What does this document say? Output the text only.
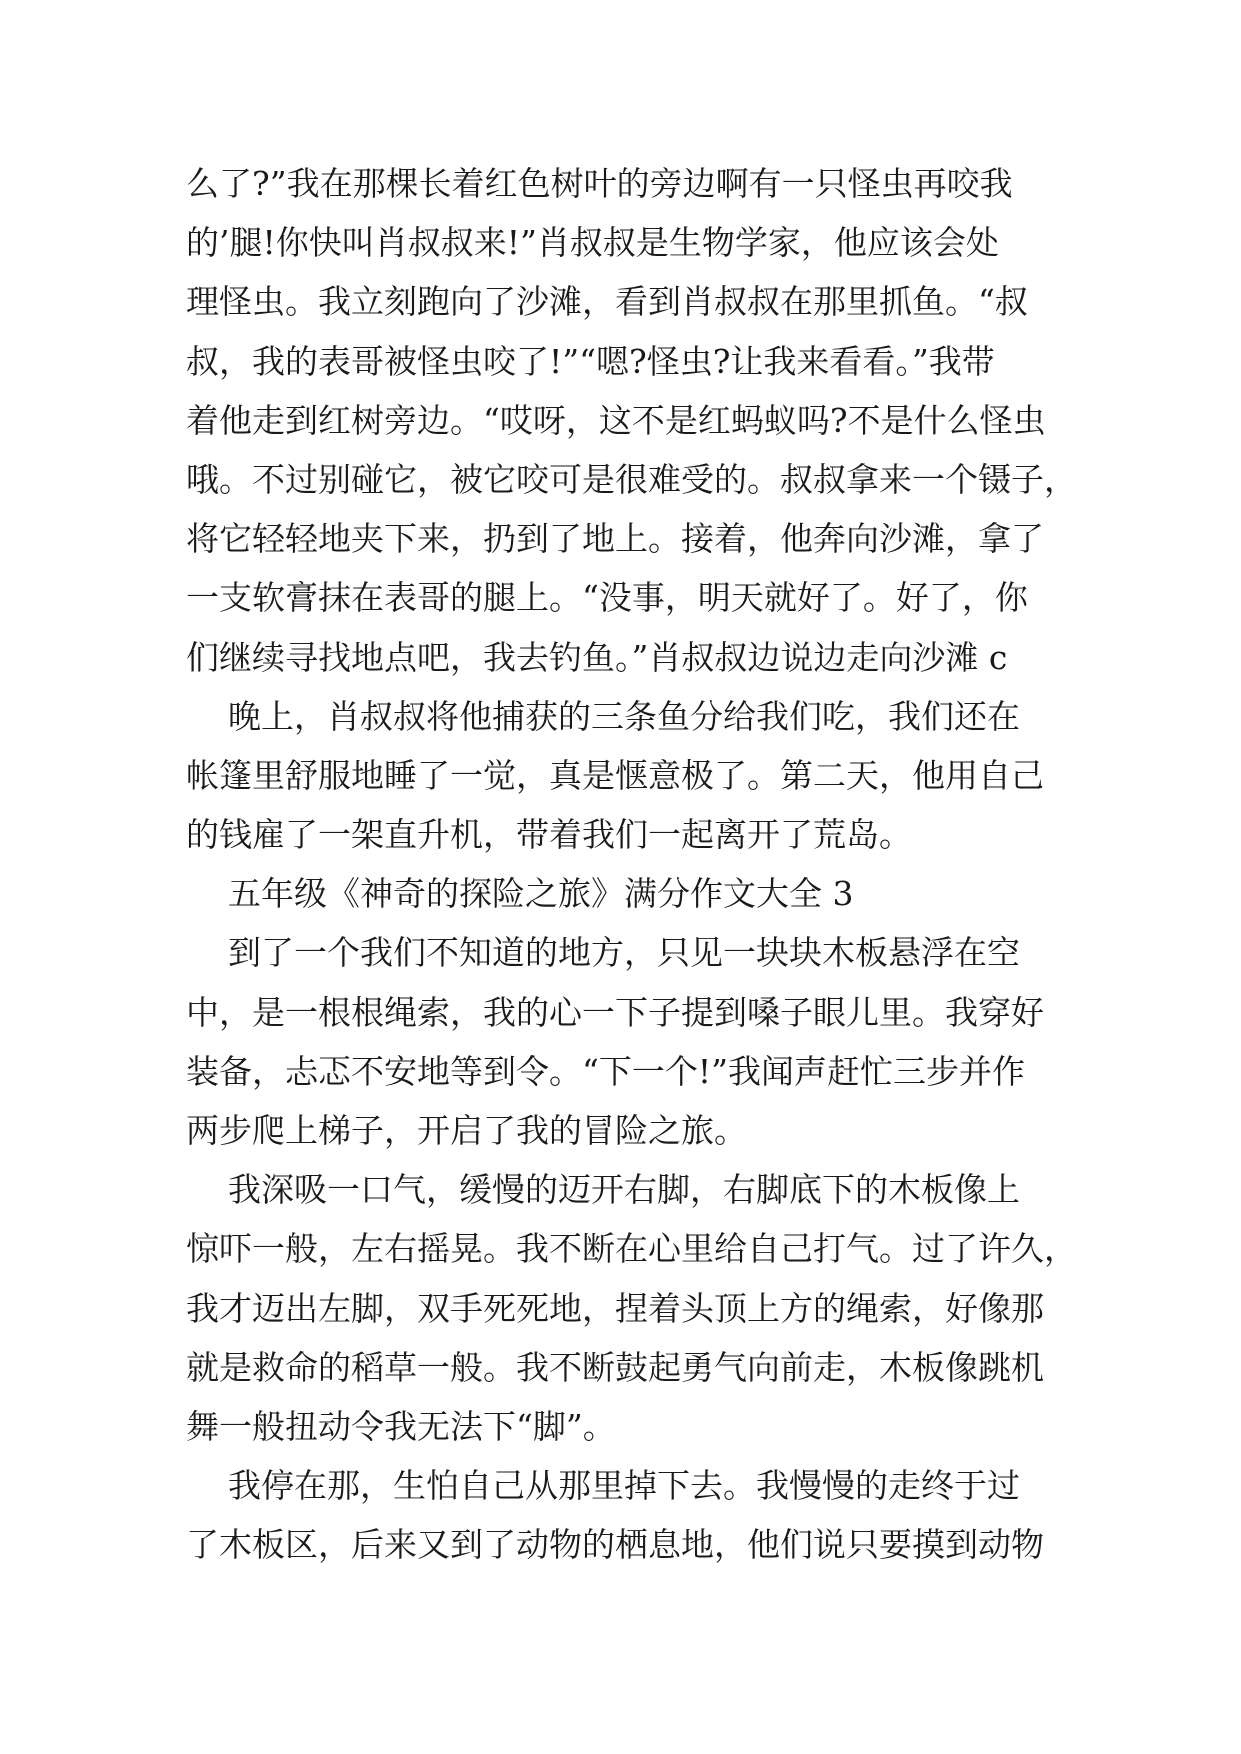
么了?”我在那棵长着红色树叶的旁边啊有一只怪虫再咬我
的’腿!你快叫肖叔叔来!”肖叔叔是生物学家，他应该会处
理怪虫。我立刻跑向了沙滩，看到肖叔叔在那里抓鱼。“叔
叔，我的表哥被怪虫咬了!”“嗯?怪虫?让我来看看。”我带
着他走到红树旁边。“哎呀，这不是红蚂蚁吗?不是什么怪虫
哦。不过别碰它，被它咬可是很难受的。叔叔拿来一个镊子，
将它轻轻地夹下来，扔到了地上。接着，他奔向沙滩，拿了
一支软膏抹在表哥的腿上。“没事，明天就好了。好了，你
们继续寻找地点吧，我去钓鱼。”肖叔叔边说边走向沙滩 c
晚上，肖叔叔将他捕获的三条鱼分给我们吃，我们还在
帐篷里舒服地睡了一觉，真是惬意极了。第二天，他用自己
的钱雇了一架直升机，带着我们一起离开了荒岛。
五年级《神奇的探险之旅》满分作文大全 3
到了一个我们不知道的地方，只见一块块木板悬浮在空
中，是一根根绳索，我的心一下子提到嗓子眼儿里。我穿好
装备，忐忑不安地等到令。“下一个!”我闻声赶忙三步并作
两步爬上梯子，开启了我的冒险之旅。
我深吸一口气，缓慢的迈开右脚，右脚底下的木板像上
惊吓一般，左右摇晃。我不断在心里给自己打气。过了许久，
我才迈出左脚，双手死死地，捏着头顶上方的绳索，好像那
就是救命的稻草一般。我不断鼓起勇气向前走，木板像跳机
舞一般扭动令我无法下“脚”。
我停在那，生怕自己从那里掉下去。我慢慢的走终于过
了木板区，后来又到了动物的栖息地，他们说只要摸到动物
